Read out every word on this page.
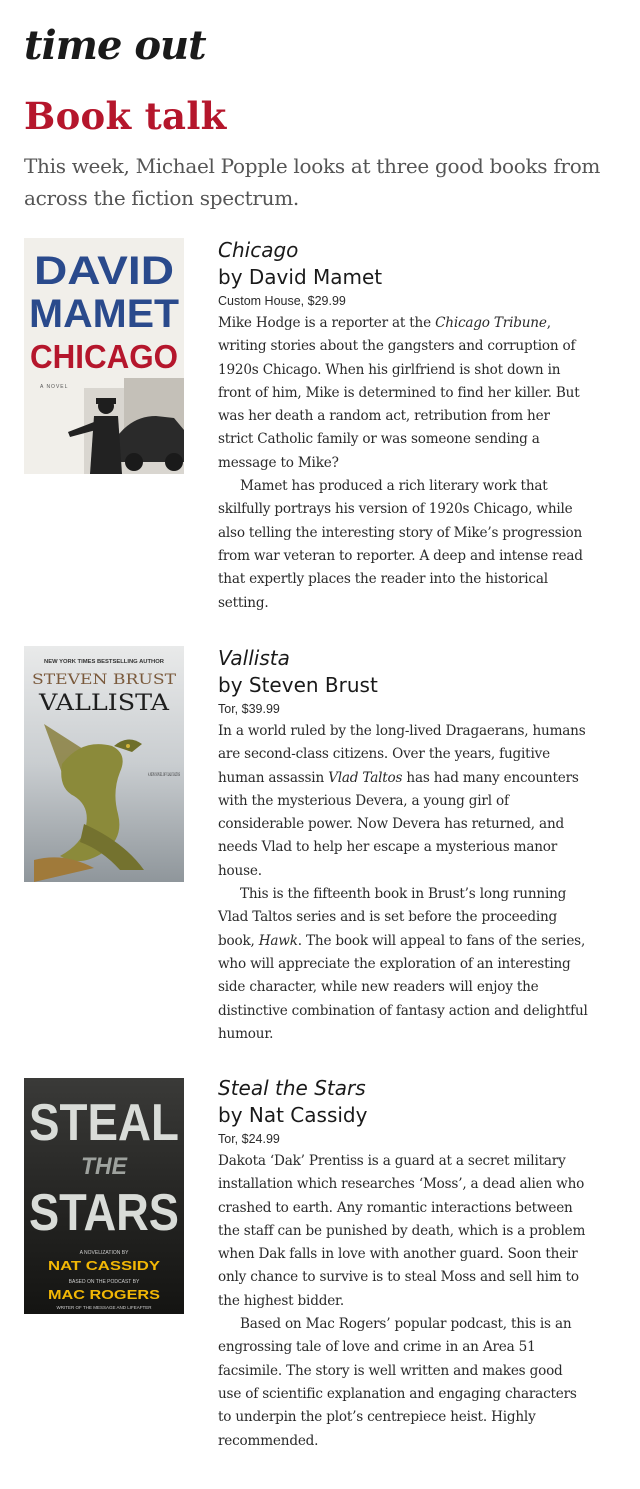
time out
Book talk

This week, Michael Popple looks at three good books from across the fiction spectrum.

DAVID
MAMET
CHICAGO
A NOVEL
Chicago
by David Mamet

Custom House, $29.99

Mike Hodge is a reporter at the Chicago Tribune, writing stories about the gangsters and corruption of 1920s Chicago. When his girlfriend is shot down in front of him, Mike is determined to find her killer. But was her death a random act, retribution from her strict Catholic family or was someone sending a message to Mike?

Mamet has produced a rich literary work that skilfully portrays his version of 1920s Chicago, while also telling the interesting story of Mike’s progression from war veteran to reporter. A deep and intense read that expertly places the reader into the historical setting.

NEW YORK TIMES BESTSELLING AUTHOR
STEVEN BRUST
VALLISTA
A NEW NOVEL OF VLAD TALTOS
Vallista
by Steven Brust

Tor, $39.99

In a world ruled by the long-lived Dragaerans, humans are second-class citizens. Over the years, fugitive human assassin Vlad Taltos has had many encounters with the mysterious Devera, a young girl of considerable power. Now Devera has returned, and needs Vlad to help her escape a mysterious manor house.

This is the fifteenth book in Brust’s long running Vlad Taltos series and is set before the proceeding book, Hawk. The book will appeal to fans of the series, who will appreciate the exploration of an interesting side character, while new readers will enjoy the distinctive combination of fantasy action and delightful humour.

STEAL
THE
STARS
A NOVELIZATION BY
NAT CASSIDY
BASED ON THE PODCAST BY
MAC ROGERS
WRITER OF THE MESSAGE AND LIFEAFTER
Steal the Stars
by Nat Cassidy

Tor, $24.99

Dakota ‘Dak’ Prentiss is a guard at a secret military installation which researches ‘Moss’, a dead alien who crashed to earth. Any romantic interactions between the staff can be punished by death, which is a problem when Dak falls in love with another guard. Soon their only chance to survive is to steal Moss and sell him to the highest bidder.

Based on Mac Rogers’ popular podcast, this is an engrossing tale of love and crime in an Area 51 facsimile. The story is well written and makes good use of scientific explanation and engaging characters to underpin the plot’s centrepiece heist. Highly recommended.
